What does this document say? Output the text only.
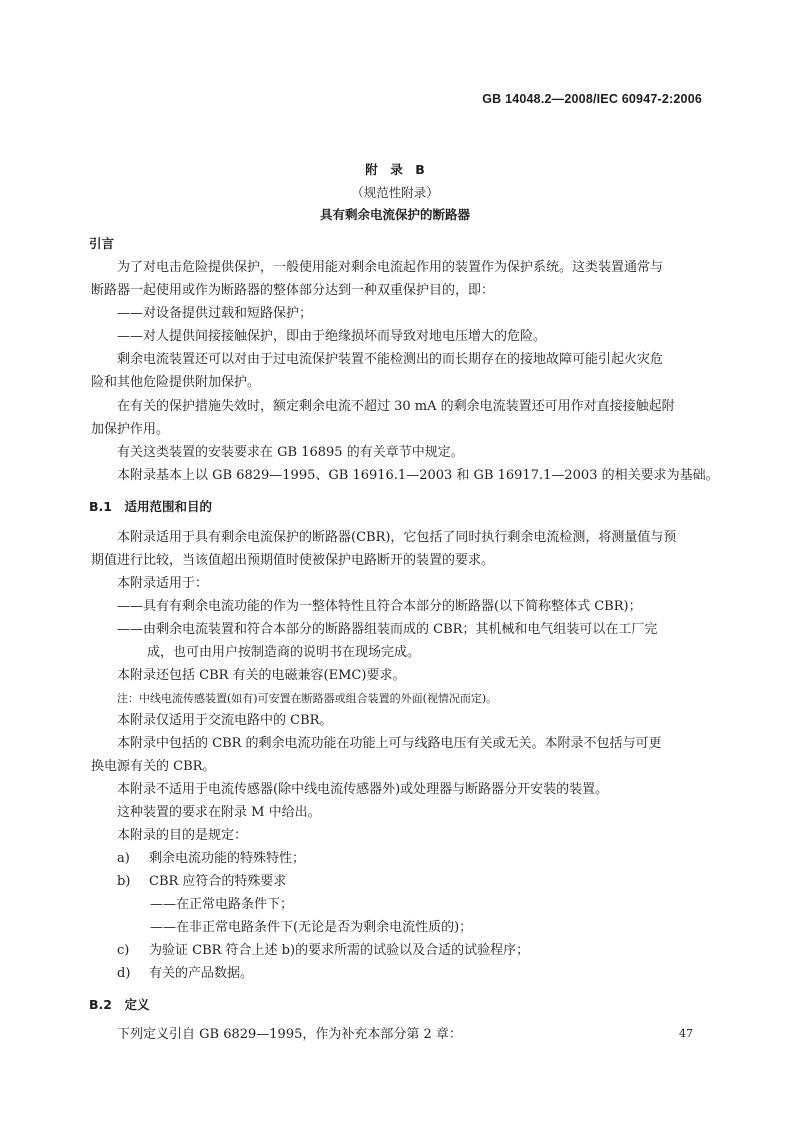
GB 14048.2—2008/IEC 60947-2:2006
附　录　B
（规范性附录）
具有剩余电流保护的断路器
引言
为了对电击危险提供保护，一般使用能对剩余电流起作用的装置作为保护系统。这类装置通常与
断路器一起使用或作为断路器的整体部分达到一种双重保护目的，即：
——对设备提供过载和短路保护；
——对人提供间接接触保护，即由于绝缘损坏而导致对地电压增大的危险。
剩余电流装置还可以对由于过电流保护装置不能检测出的而长期存在的接地故障可能引起火灾危
险和其他危险提供附加保护。
在有关的保护措施失效时，额定剩余电流不超过 30 mA 的剩余电流装置还可用作对直接接触起附
加保护作用。
有关这类装置的安装要求在 GB 16895 的有关章节中规定。
本附录基本上以 GB 6829—1995、GB 16916.1—2003 和 GB 16917.1—2003 的相关要求为基础。
B.1　适用范围和目的
本附录适用于具有剩余电流保护的断路器(CBR)，它包括了同时执行剩余电流检测，将测量值与预
期值进行比较，当该值超出预期值时使被保护电路断开的装置的要求。
本附录适用于：
——具有有剩余电流功能的作为一整体特性且符合本部分的断路器(以下简称整体式 CBR)；
——由剩余电流装置和符合本部分的断路器组装而成的 CBR；其机械和电气组装可以在工厂完
成，也可由用户按制造商的说明书在现场完成。
本附录还包括 CBR 有关的电磁兼容(EMC)要求。
注：中线电流传感装置(如有)可安置在断路器或组合装置的外面(视情况而定)。
本附录仅适用于交流电路中的 CBR。
本附录中包括的 CBR 的剩余电流功能在功能上可与线路电压有关或无关。本附录不包括与可更
换电源有关的 CBR。
本附录不适用于电流传感器(除中线电流传感器外)或处理器与断路器分开安装的装置。
这种装置的要求在附录 M 中给出。
本附录的目的是规定：
a) 剩余电流功能的特殊特性；
b) CBR 应符合的特殊要求
——在正常电路条件下；
——在非正常电路条件下(无论是否为剩余电流性质的)；
c) 为验证 CBR 符合上述 b)的要求所需的试验以及合适的试验程序；
d) 有关的产品数据。
B.2　定义
下列定义引自 GB 6829—1995，作为补充本部分第 2 章：	47
